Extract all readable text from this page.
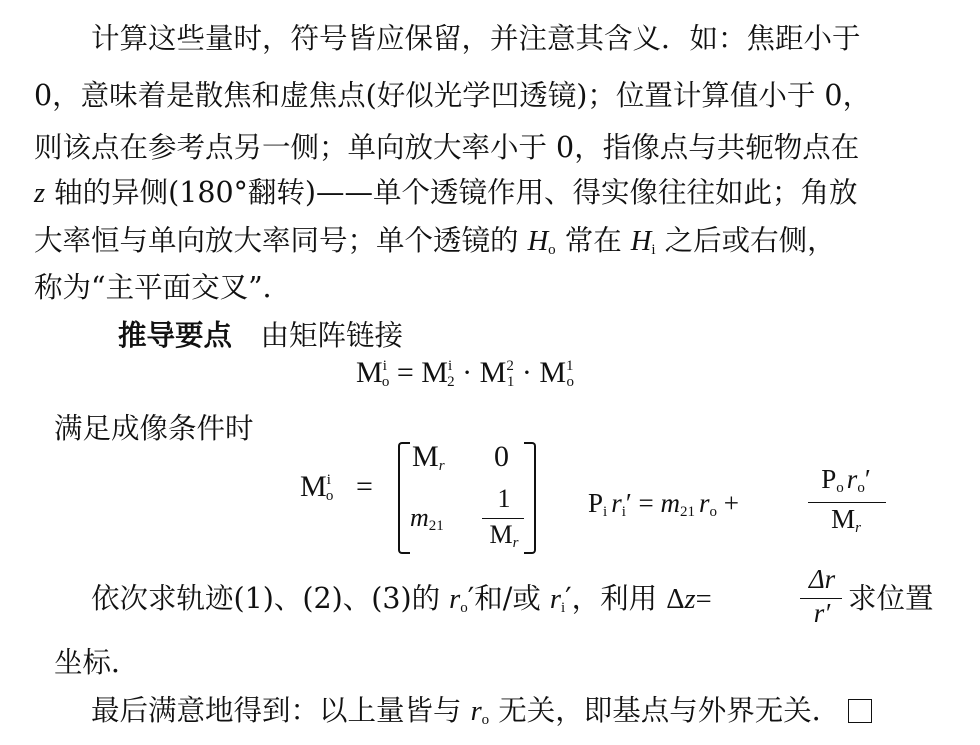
　　计算这些量时，符号皆应保留，并注意其含义．如：焦距小于
0，意味着是散焦和虚焦点(好似光学凹透镜)；位置计算值小于 0，
则该点在参考点另一侧；单向放大率小于 0，指像点与共轭物点在
z 轴的异侧(180°翻转)——单个透镜作用、得实像往往如此；角放
大率恒与单向放大率同号；单个透镜的 $H_o$ 常在 $H_i$ 之后或右侧，
称为“主平面交叉”．
推导要点　由矩阵链接
$M^i_o = M^i_2 \cdot M^2_1 \cdot M^1_o$
满足成像条件时
$M^i_o$ =
$M_r$ 0
$m_{21}$
1
$M_r$
$P_i$ $r_i' = m_{21}$ $r_o$ +
$P_o$ $r_o'$
$M_r$
　　依次求轨迹(1)、(2)、(3)的 $r_o'$和/或 $r_i'$，利用 Δz=
Δr
r′ 求位置
坐标．
　　最后满意地得到：以上量皆与 $r_o$ 无关，即基点与外界无关．
